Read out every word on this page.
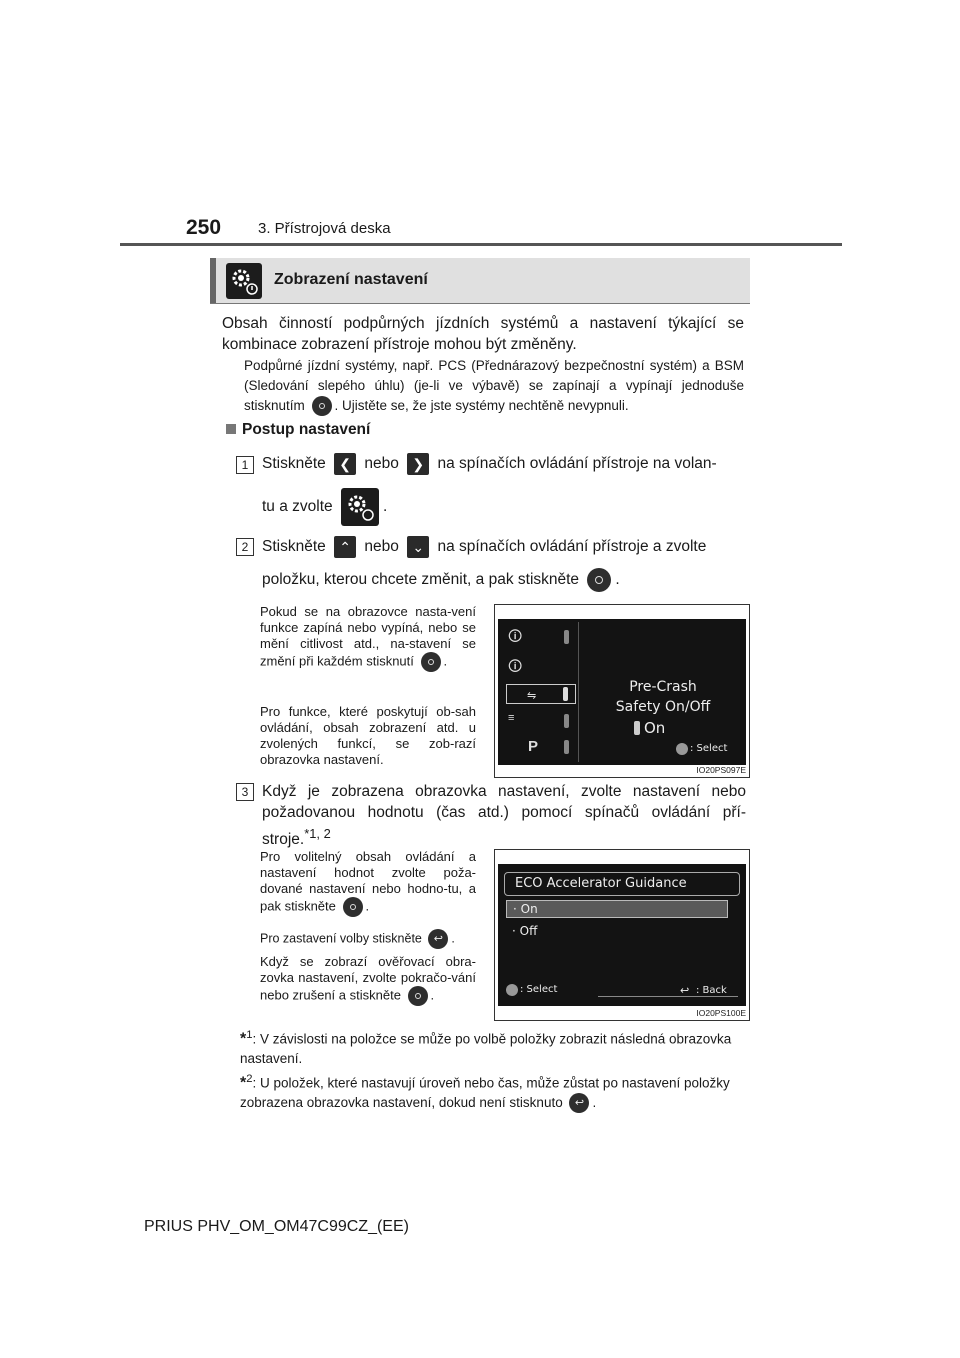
250 3. Přístrojová deska
Zobrazení nastavení
Obsah činností podpůrných jízdních systémů a nastavení týkající se kombinace zobrazení přístroje mohou být změněny.
Podpůrné jízdní systémy, např. PCS (Přednárazový bezpečnostní systém) a BSM (Sledování slepého úhlu) (je-li ve výbavě) se zapínají a vypínají jednoduše stisknutím . Ujistěte se, že jste systémy nechtěně nevypnuli.
Postup nastavení
1 Stiskněte ❮ nebo ❯ na spínačích ovládání přístroje na volan-
tu a zvolte	.
2 Stiskněte ⌃ nebo ⌄ na spínačích ovládání přístroje a zvolte
položku, kterou chcete změnit, a pak stiskněte .
Pokud se na obrazovce nasta-vení funkce zapíná nebo vypíná, nebo se mění citlivost atd., na-stavení se změní při každém stisknutí .
Pro funkce, které poskytují ob-sah ovládání, obsah zobrazení atd. u zvolených funkcí, se zob-razí obrazovka nastavení.
🛈
🛈
⇋
≡
P
Pre-Crash
Safety On/Off
On
: Select
IO20PS097E
3 Když je zobrazena obrazovka nastavení, zvolte nastavení nebo požadovanou hodnotu (čas atd.) pomocí spínačů ovládání pří-stroje.$^{*1, 2}$
Pro volitelný obsah ovládání a nastavení hodnot zvolte poža-dované nastavení nebo hodno-tu, a pak stiskněte .
Pro zastavení volby stiskněte ↩ .
Když se zobrazí ověřovací obra-zovka nastavení, zvolte pokračo-vání nebo zrušení a stiskněte .
ECO Accelerator Guidance
· On
· Off
: Select	↩ : Back
IO20PS100E
*$^1$: V závislosti na položce se může po volbě položky zobrazit následná obrazovka nastavení.
*$^2$: U položek, které nastavují úroveň nebo čas, může zůstat po nastavení položky zobrazena obrazovka nastavení, dokud není stisknuto ↩ .
PRIUS PHV_OM_OM47C99CZ_(EE)
